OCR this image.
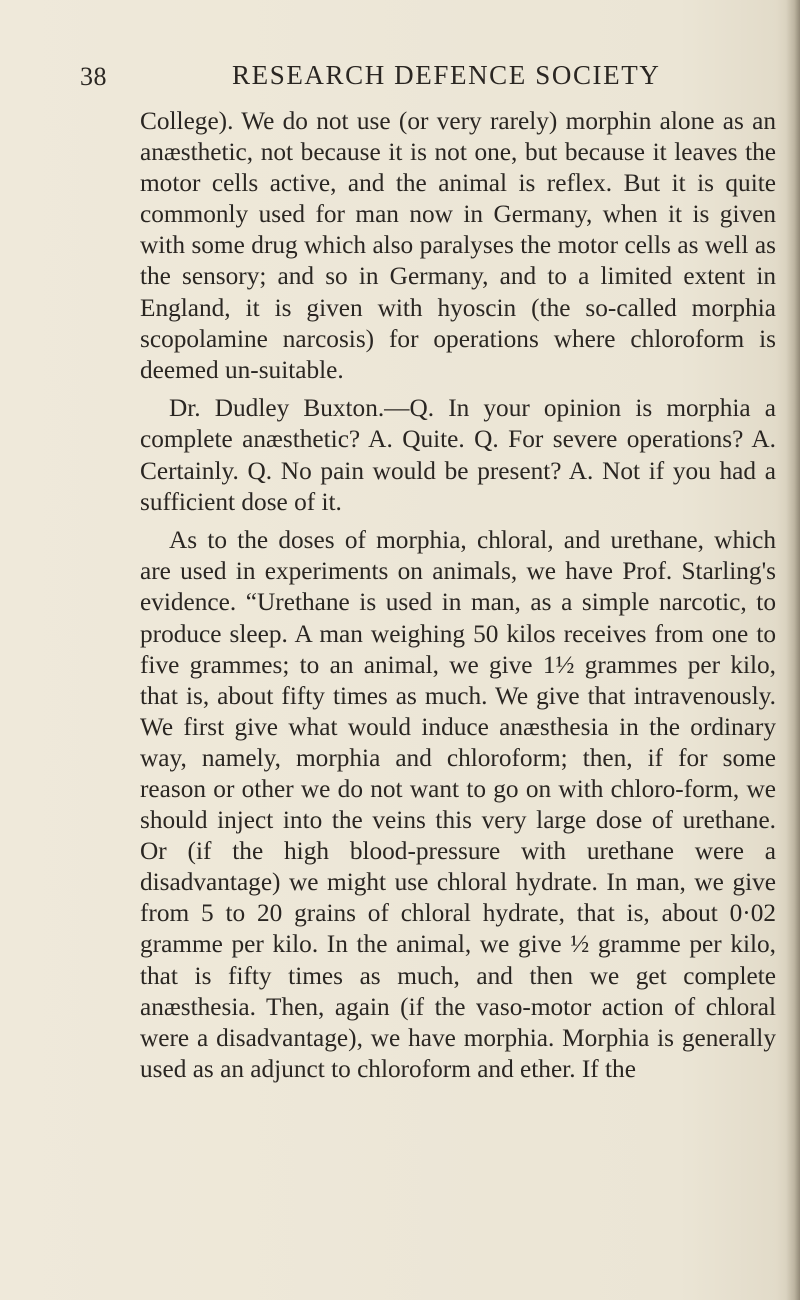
38	RESEARCH DEFENCE SOCIETY

College). We do not use (or very rarely) morphin alone as an anæsthetic, not because it is not one, but because it leaves the motor cells active, and the animal is reflex. But it is quite commonly used for man now in Germany, when it is given with some drug which also paralyses the motor cells as well as the sensory; and so in Germany, and to a limited extent in England, it is given with hyoscin (the so-called morphia scopolamine narcosis) for operations where chloroform is deemed un-suitable.

Dr. Dudley Buxton.—Q. In your opinion is morphia a complete anæsthetic? A. Quite. Q. For severe operations? A. Certainly. Q. No pain would be present? A. Not if you had a sufficient dose of it.

As to the doses of morphia, chloral, and urethane, which are used in experiments on animals, we have Prof. Starling's evidence. “Urethane is used in man, as a simple narcotic, to produce sleep. A man weighing 50 kilos receives from one to five grammes; to an animal, we give 1½ grammes per kilo, that is, about fifty times as much. We give that intravenously. We first give what would induce anæsthesia in the ordinary way, namely, morphia and chloroform; then, if for some reason or other we do not want to go on with chloro-form, we should inject into the veins this very large dose of urethane. Or (if the high blood-pressure with urethane were a disadvantage) we might use chloral hydrate. In man, we give from 5 to 20 grains of chloral hydrate, that is, about 0·02 gramme per kilo. In the animal, we give ½ gramme per kilo, that is fifty times as much, and then we get complete anæsthesia. Then, again (if the vaso-motor action of chloral were a disadvantage), we have morphia. Morphia is generally used as an adjunct to chloroform and ether. If the
